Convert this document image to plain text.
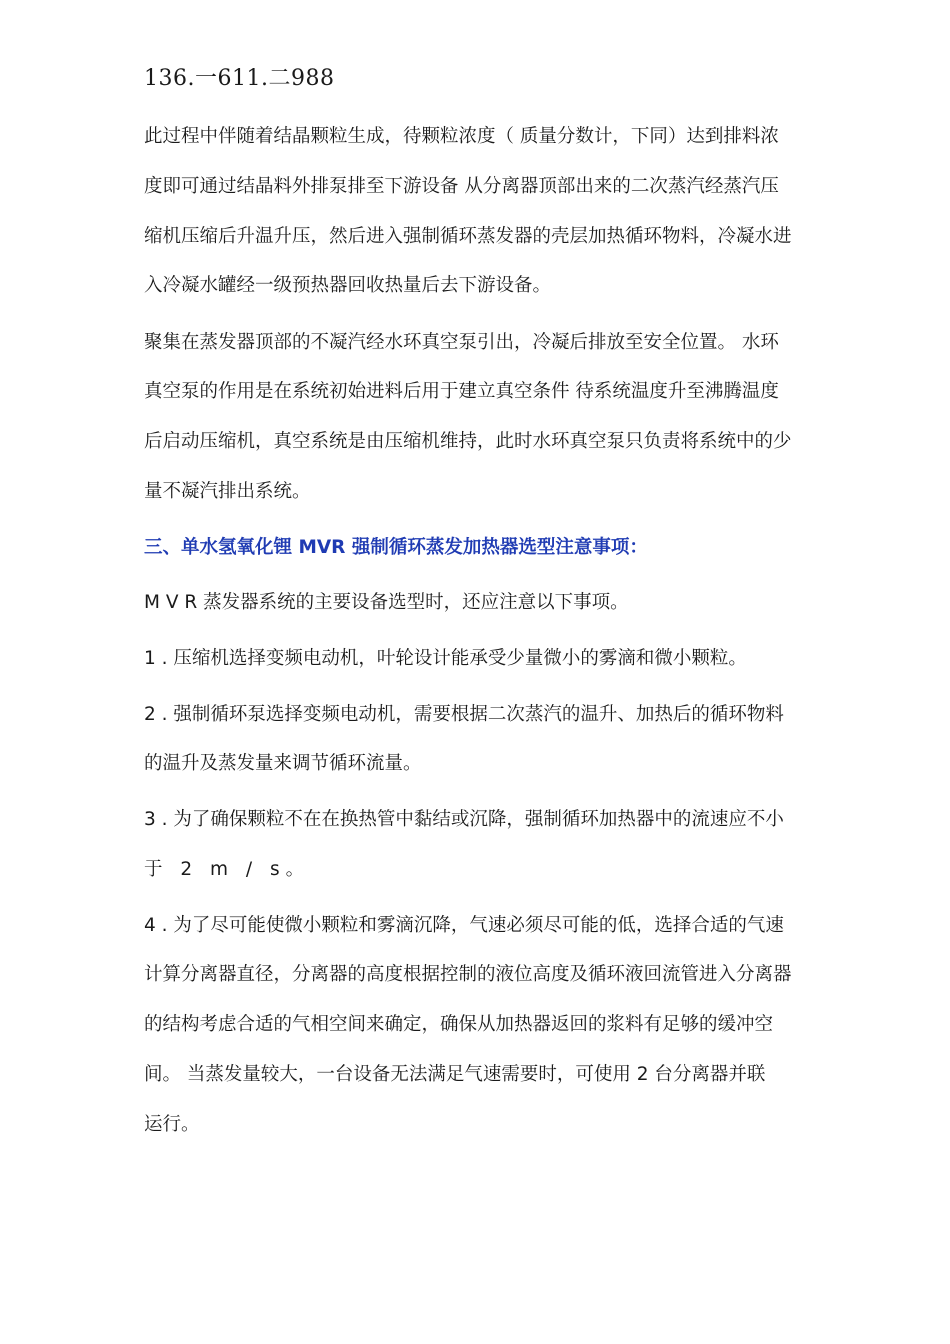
136.一611.二988

此过程中伴随着结晶颗粒生成，待颗粒浓度（ 质量分数计，下同）达到排料浓

度即可通过结晶料外排泵排至下游设备 从分离器顶部出来的二次蒸汽经蒸汽压

缩机压缩后升温升压，然后进入强制循环蒸发器的壳层加热循环物料，冷凝水进

入冷凝水罐经一级预热器回收热量后去下游设备。

聚集在蒸发器顶部的不凝汽经水环真空泵引出，冷凝后排放至安全位置。 水环

真空泵的作用是在系统初始进料后用于建立真空条件 待系统温度升至沸腾温度

后启动压缩机，真空系统是由压缩机维持，此时水环真空泵只负责将系统中的少

量不凝汽排出系统。

三、单水氢氧化锂 MVR 强制循环蒸发加热器选型注意事项：

M V R 蒸发器系统的主要设备选型时，还应注意以下事项。

1 . 压缩机选择变频电动机，叶轮设计能承受少量微小的雾滴和微小颗粒。

2 . 强制循环泵选择变频电动机，需要根据二次蒸汽的温升、加热后的循环物料

的温升及蒸发量来调节循环流量。

3 . 为了确保颗粒不在在换热管中黏结或沉降，强制循环加热器中的流速应不小

于 2 m / s。

4 . 为了尽可能使微小颗粒和雾滴沉降，气速必须尽可能的低，选择合适的气速

计算分离器直径，分离器的高度根据控制的液位高度及循环液回流管进入分离器

的结构考虑合适的气相空间来确定，确保从加热器返回的浆料有足够的缓冲空

间。 当蒸发量较大，一台设备无法满足气速需要时，可使用 2 台分离器并联

运行。
